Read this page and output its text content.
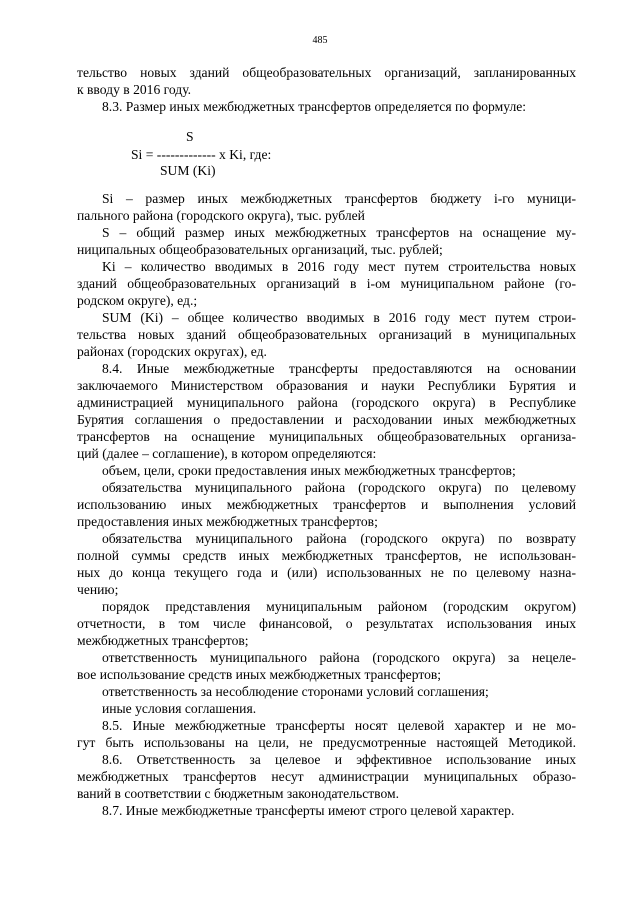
485
тельство новых зданий общеобразовательных организаций, запланированных
к вводу в 2016 году.
8.3. Размер иных межбюджетных трансфертов определяется по формуле:
S
Si = ------------- x Ki, где:
SUM (Ki)
Si – размер иных межбюджетных трансфертов бюджету i-го муници-
пального района (городского округа), тыс. рублей
S – общий размер иных межбюджетных трансфертов на оснащение му-
ниципальных общеобразовательных организаций, тыс. рублей;
Ki – количество вводимых в 2016 году мест путем строительства новых
зданий общеобразовательных организаций в i-ом муниципальном районе (го-
родском округе), ед.;
SUM (Ki) – общее количество вводимых в 2016 году мест путем строи-
тельства новых зданий общеобразовательных организаций в муниципальных
районах (городских округах), ед.
8.4. Иные межбюджетные трансферты предоставляются на основании
заключаемого Министерством образования и науки Республики Бурятия и
администрацией муниципального района (городского округа) в Республике
Бурятия соглашения о предоставлении и расходовании иных межбюджетных
трансфертов на оснащение муниципальных общеобразовательных организа-
ций (далее – соглашение), в котором определяются:
объем, цели, сроки предоставления иных межбюджетных трансфертов;
обязательства муниципального района (городского округа) по целевому
использованию иных межбюджетных трансфертов и выполнения условий
предоставления иных межбюджетных трансфертов;
обязательства муниципального района (городского округа) по возврату
полной суммы средств иных межбюджетных трансфертов, не использован-
ных до конца текущего года и (или) использованных не по целевому назна-
чению;
порядок представления муниципальным районом (городским округом)
отчетности, в том числе финансовой, о результатах использования иных
межбюджетных трансфертов;
ответственность муниципального района (городского округа) за нецеле-
вое использование средств иных межбюджетных трансфертов;
ответственность за несоблюдение сторонами условий соглашения;
иные условия соглашения.
8.5. Иные межбюджетные трансферты носят целевой характер и не мо-
гут быть использованы на цели, не предусмотренные настоящей Методикой.
8.6. Ответственность за целевое и эффективное использование иных
межбюджетных трансфертов несут администрации муниципальных образо-
ваний в соответствии с бюджетным законодательством.
8.7. Иные межбюджетные трансферты имеют строго целевой характер.
